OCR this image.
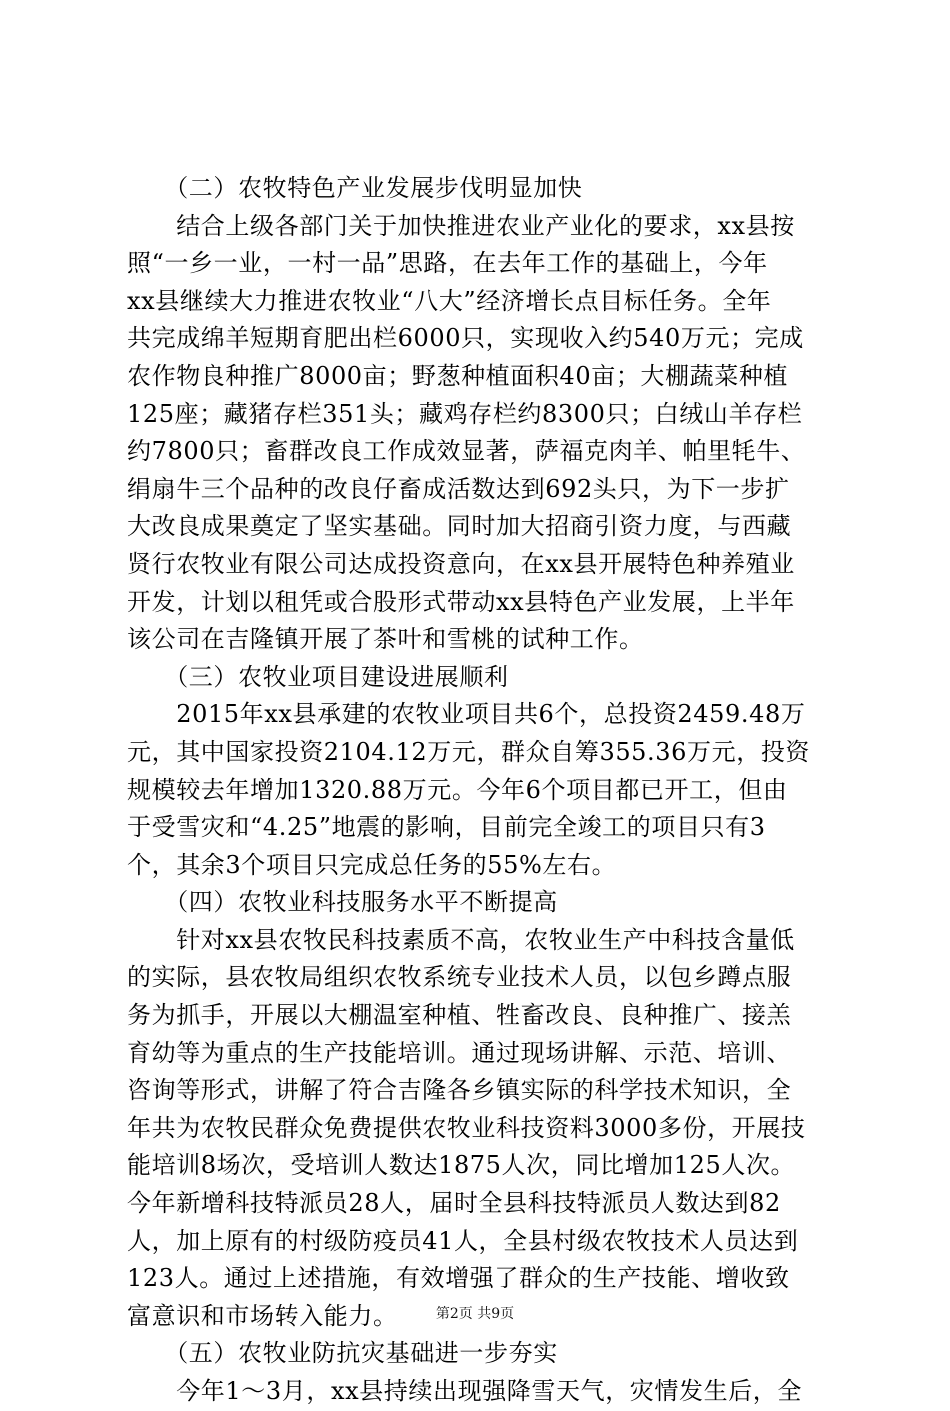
　　（二）农牧特色产业发展步伐明显加快
　　结合上级各部门关于加快推进农业产业化的要求，xx县按
照“一乡一业，一村一品”思路，在去年工作的基础上，今年
xx县继续大力推进农牧业“八大”经济增长点目标任务。全年
共完成绵羊短期育肥出栏6000只，实现收入约540万元；完成
农作物良种推广8000亩；野葱种植面积40亩；大棚蔬菜种植
125座；藏猪存栏351头；藏鸡存栏约8300只；白绒山羊存栏
约7800只；畜群改良工作成效显著，萨福克肉羊、帕里牦牛、
绢扇牛三个品种的改良仔畜成活数达到692头只，为下一步扩
大改良成果奠定了坚实基础。同时加大招商引资力度，与西藏
贤行农牧业有限公司达成投资意向，在xx县开展特色种养殖业
开发，计划以租凭或合股形式带动xx县特色产业发展，上半年
该公司在吉隆镇开展了茶叶和雪桃的试种工作。
　　（三）农牧业项目建设进展顺利
　　2015年xx县承建的农牧业项目共6个，总投资2459.48万
元，其中国家投资2104.12万元，群众自筹355.36万元，投资
规模较去年增加1320.88万元。今年6个项目都已开工，但由
于受雪灾和“4.25”地震的影响，目前完全竣工的项目只有3
个，其余3个项目只完成总任务的55%左右。
　　（四）农牧业科技服务水平不断提高
　　针对xx县农牧民科技素质不高，农牧业生产中科技含量低
的实际，县农牧局组织农牧系统专业技术人员，以包乡蹲点服
务为抓手，开展以大棚温室种植、牲畜改良、良种推广、接羔
育幼等为重点的生产技能培训。通过现场讲解、示范、培训、
咨询等形式，讲解了符合吉隆各乡镇实际的科学技术知识，全
年共为农牧民群众免费提供农牧业科技资料3000多份，开展技
能培训8场次，受培训人数达1875人次，同比增加125人次。
今年新增科技特派员28人，届时全县科技特派员人数达到82
人，加上原有的村级防疫员41人，全县村级农牧技术人员达到
123人。通过上述措施，有效增强了群众的生产技能、增收致
富意识和市场转入能力。
　　（五）农牧业防抗灾基础进一步夯实
　　今年1～3月，xx县持续出现强降雪天气，灾情发生后，全
第2页 共9页
